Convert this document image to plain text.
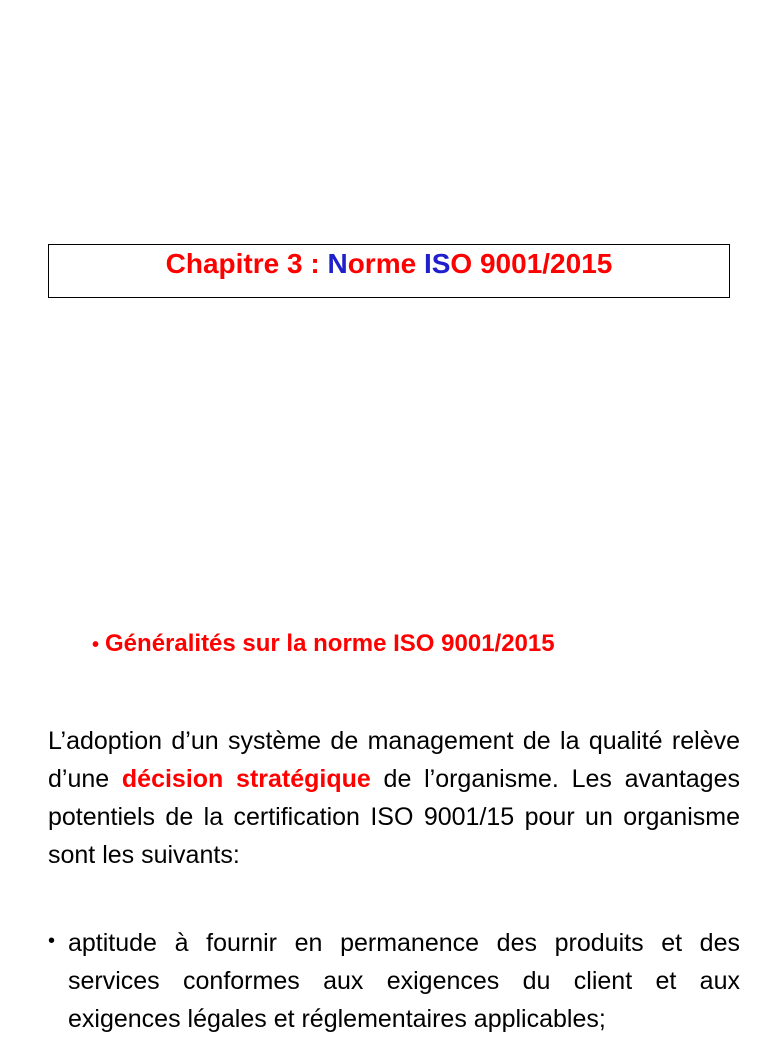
Chapitre 3 : Norme ISO 9001/2015
• Généralités sur la norme ISO 9001/2015
L’adoption d’un système de management de la qualité relève d’une décision stratégique de l’organisme. Les avantages potentiels de la certification ISO 9001/15 pour un organisme sont les suivants:
• aptitude à fournir en permanence des produits et des services conformes aux exigences du client et aux exigences légales et réglementaires applicables;
